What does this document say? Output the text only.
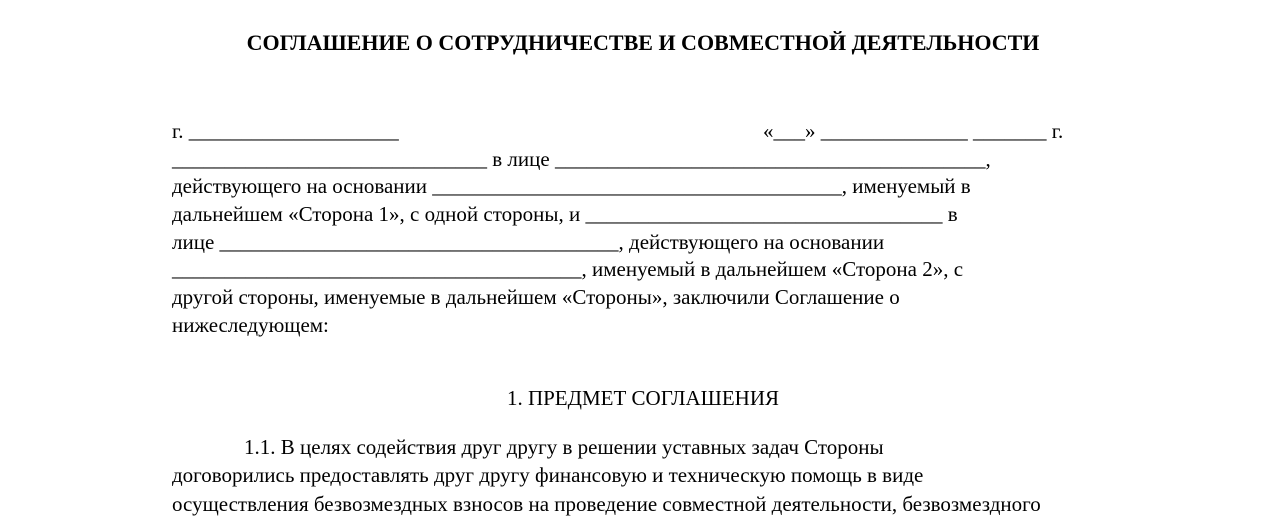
СОГЛАШЕНИЕ О СОТРУДНИЧЕСТВЕ И СОВМЕСТНОЙ ДЕЯТЕЛЬНОСТИ
г. ____________________	«___» ______________ _______ г.
______________________________ в лице _________________________________________,
действующего на основании _______________________________________, именуемый в
дальнейшем «Сторона 1», с одной стороны, и __________________________________ в
лице ______________________________________, действующего на основании
_______________________________________, именуемый в дальнейшем «Сторона 2», с
другой стороны, именуемые в дальнейшем «Стороны», заключили Соглашение о
нижеследующем:
1. ПРЕДМЕТ СОГЛАШЕНИЯ
1.1. В целях содействия друг другу в решении уставных задач Стороны
договорились предоставлять друг другу финансовую и техническую помощь в виде
осуществления безвозмездных взносов на проведение совместной деятельности, безвозмездного
